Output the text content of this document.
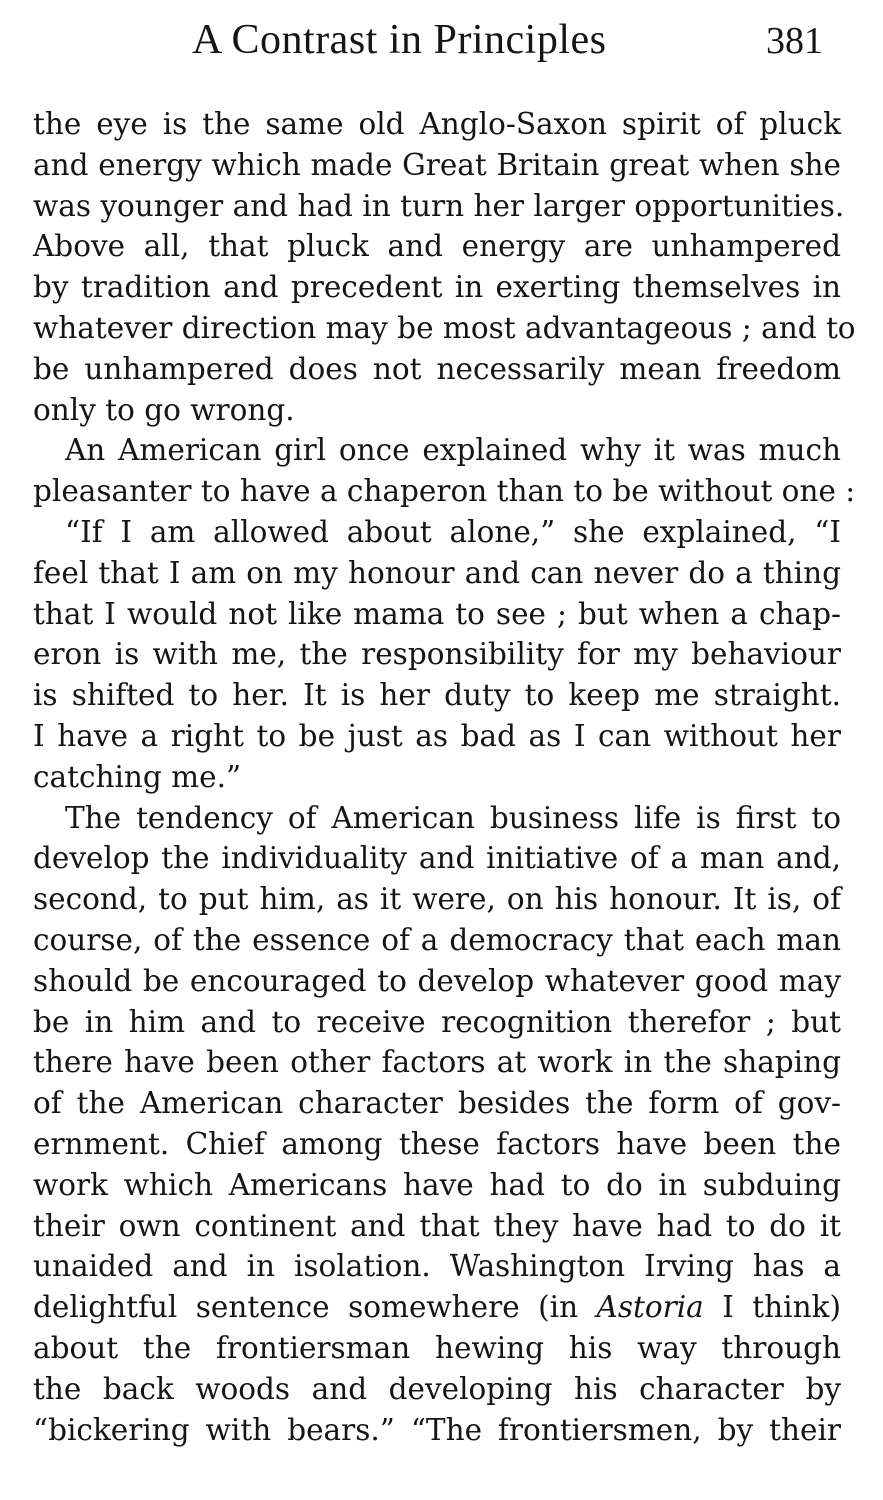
A Contrast in Principles	381
the eye is the same old Anglo-Saxon spirit of pluck
and energy which made Great Britain great when she
was younger and had in turn her larger opportunities.
Above all, that pluck and energy are unhampered
by tradition and precedent in exerting themselves in
whatever direction may be most advantageous ; and to
be unhampered does not necessarily mean freedom
only to go wrong.
An American girl once explained why it was much
pleasanter to have a chaperon than to be without one :
“If I am allowed about alone,” she explained, “I
feel that I am on my honour and can never do a thing
that I would not like mama to see ; but when a chap-
eron is with me, the responsibility for my behaviour
is shifted to her. It is her duty to keep me straight.
I have a right to be just as bad as I can without her
catching me.”
The tendency of American business life is first to
develop the individuality and initiative of a man and,
second, to put him, as it were, on his honour. It is, of
course, of the essence of a democracy that each man
should be encouraged to develop whatever good may
be in him and to receive recognition therefor ; but
there have been other factors at work in the shaping
of the American character besides the form of gov-
ernment. Chief among these factors have been the
work which Americans have had to do in subduing
their own continent and that they have had to do it
unaided and in isolation. Washington Irving has a
delightful sentence somewhere (in Astoria I think)
about the frontiersman hewing his way through
the back woods and developing his character by
“bickering with bears.” “The frontiersmen, by their
